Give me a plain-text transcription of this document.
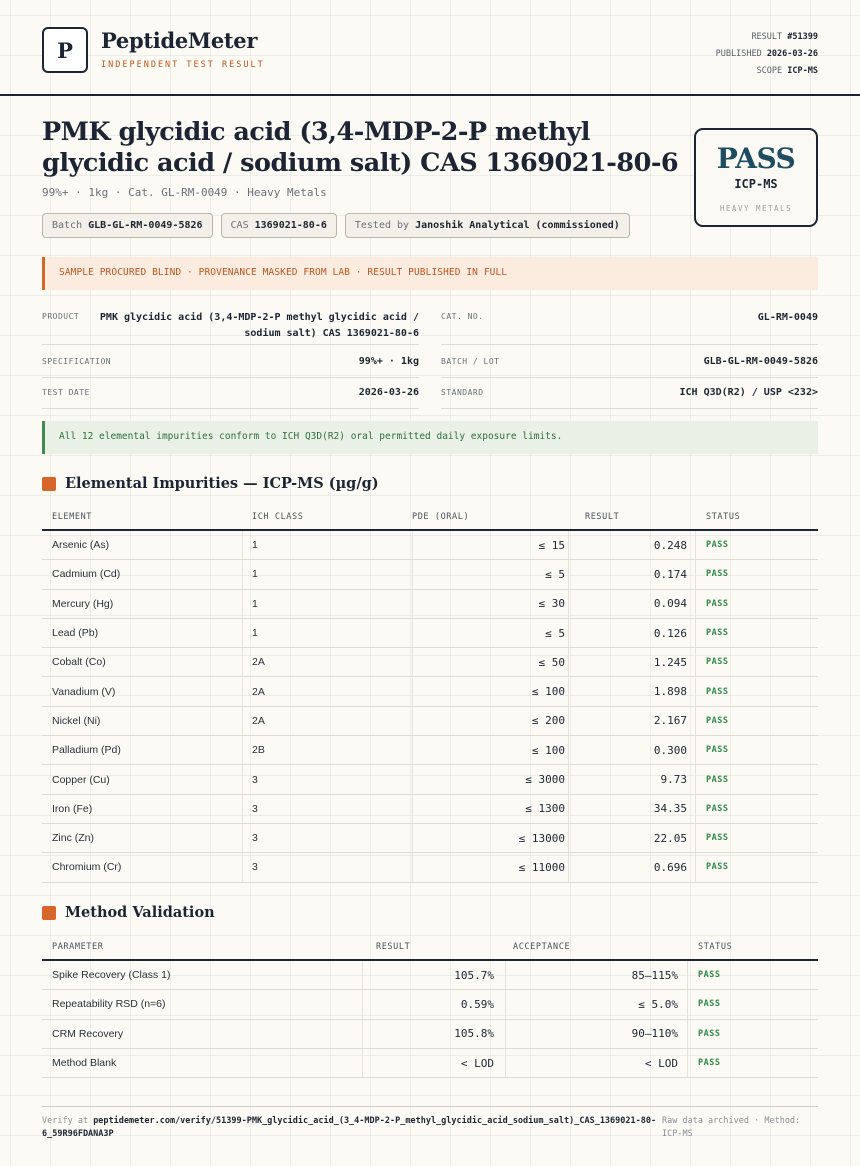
P	PeptideMeter
INDEPENDENT TEST RESULT
RESULT #51399
PUBLISHED 2026-03-26
SCOPE ICP-MS
PMK glycidic acid (3,4-MDP-2-P methyl glycidic acid / sodium salt) CAS 1369021-80-6
99%+ · 1kg · Cat. GL-RM-0049 · Heavy Metals
Batch GLB-GL-RM-0049-5826	CAS 1369021-80-6	Tested by Janoshik Analytical (commissioned)
PASS
ICP-MS
HEAVY METALS
SAMPLE PROCURED BLIND · PROVENANCE MASKED FROM LAB · RESULT PUBLISHED IN FULL
PRODUCT	PMK glycidic acid (3,4-MDP-2-P methyl glycidic acid / sodium salt) CAS 1369021-80-6
CAT. NO.	GL-RM-0049
SPECIFICATION	99%+ · 1kg	BATCH / LOT	GLB-GL-RM-0049-5826
TEST DATE	2026-03-26	STANDARD	ICH Q3D(R2) / USP <232>
All 12 elemental impurities conform to ICH Q3D(R2) oral permitted daily exposure limits.
Elemental Impurities — ICP-MS (µg/g)
ELEMENT	ICH CLASS	PDE (ORAL)	RESULT	STATUS
Arsenic (As)	1	≤ 15	0.248 PASS
Cadmium (Cd)	1	≤ 5	0.174 PASS
Mercury (Hg)	1	≤ 30	0.094 PASS
Lead (Pb)	1	≤ 5	0.126 PASS
Cobalt (Co)	2A	≤ 50	1.245 PASS
Vanadium (V)	2A	≤ 100	1.898 PASS
Nickel (Ni)	2A	≤ 200	2.167 PASS
Palladium (Pd)	2B	≤ 100	0.300 PASS
Copper (Cu)	3	≤ 3000	9.73 PASS
Iron (Fe)	3	≤ 1300	34.35 PASS
Zinc (Zn)	3	≤ 13000	22.05 PASS
Chromium (Cr)	3	≤ 11000	0.696 PASS
Method Validation
PARAMETER	RESULT	ACCEPTANCE	STATUS
Spike Recovery (Class 1)	105.7%	85–115% PASS
Repeatability RSD (n=6)	0.59%	≤ 5.0% PASS
CRM Recovery	105.8%	90–110% PASS
Method Blank	< LOD	< LOD PASS
Verify at peptidemeter.com/verify/51399-PMK_glycidic_acid_(3_4-MDP-2-P_methyl_glycidic_acid_sodium_salt)_CAS_1369021-80-6_59R96FDANA3P
Raw data archived · Method: ICP-MS
